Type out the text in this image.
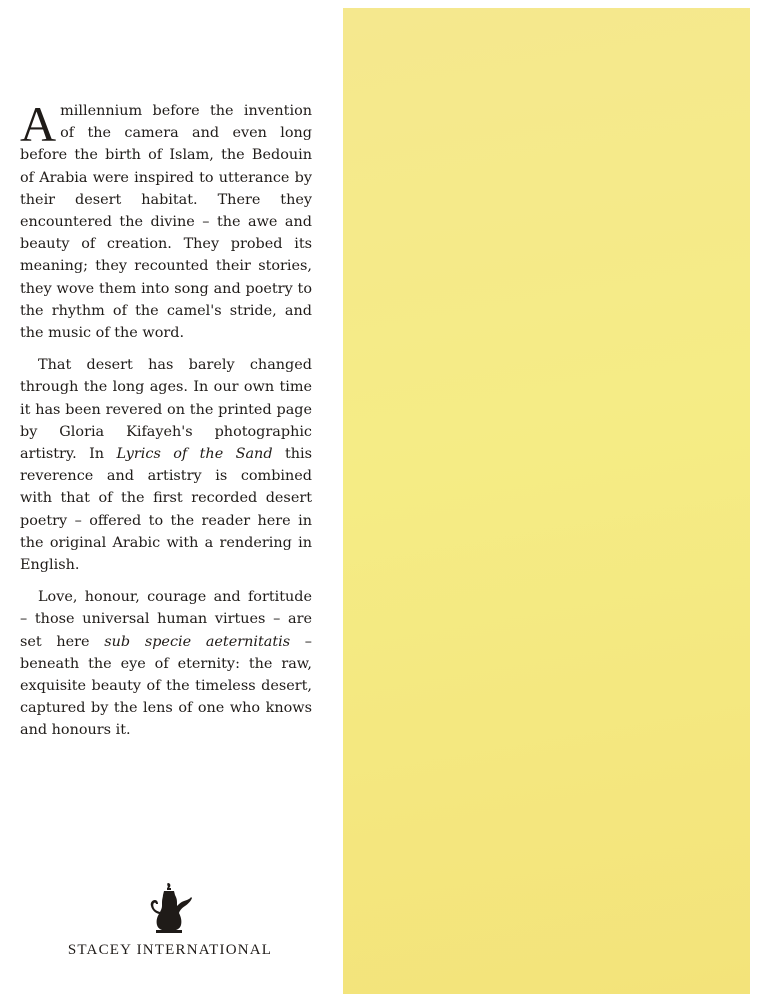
A millennium before the invention of the camera and even long before the birth of Islam, the Bedouin of Arabia were inspired to utterance by their desert habitat. There they encountered the divine – the awe and beauty of creation. They probed its meaning; they recounted their stories, they wove them into song and poetry to the rhythm of the camel's stride, and the music of the word.

That desert has barely changed through the long ages. In our own time it has been revered on the printed page by Gloria Kifayeh's photographic artistry. In Lyrics of the Sand this reverence and artistry is combined with that of the first recorded desert poetry – offered to the reader here in the original Arabic with a rendering in English.

Love, honour, courage and fortitude – those universal human virtues – are set here sub specie aeternitatis – beneath the eye of eternity: the raw, exquisite beauty of the timeless desert, captured by the lens of one who knows and honours it.

STACEY INTERNATIONAL
